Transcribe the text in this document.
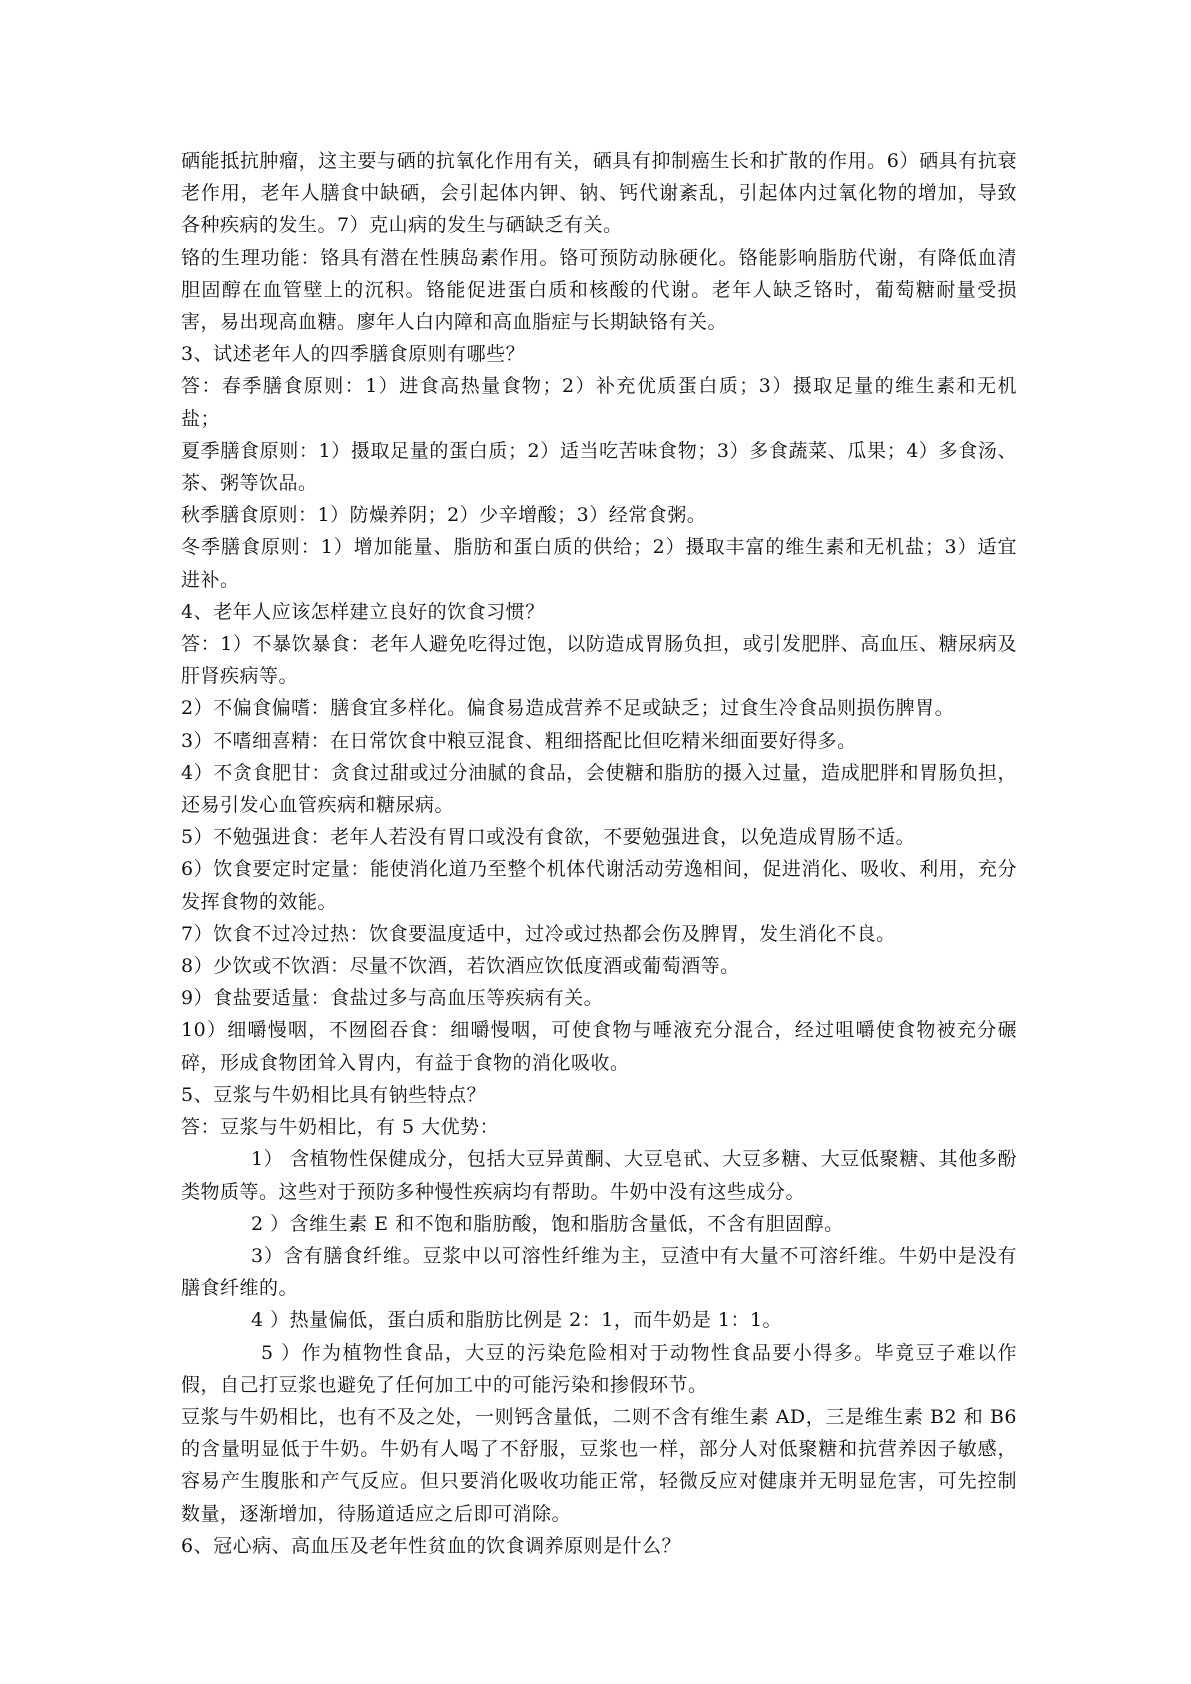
硒能抵抗肿瘤，这主要与硒的抗氧化作用有关，硒具有抑制癌生长和扩散的作用。6）硒具有抗衰老作用，老年人膳食中缺硒，会引起体内钾、钠、钙代谢紊乱，引起体内过氧化物的增加，导致各种疾病的发生。7）克山病的发生与硒缺乏有关。

铬的生理功能：铬具有潜在性胰岛素作用。铬可预防动脉硬化。铬能影响脂肪代谢，有降低血清胆固醇在血管壁上的沉积。铬能促进蛋白质和核酸的代谢。老年人缺乏铬时，葡萄糖耐量受损害，易出现高血糖。廖年人白内障和高血脂症与长期缺铬有关。

3、试述老年人的四季膳食原则有哪些？

答：春季膳食原则：1）进食高热量食物；2）补充优质蛋白质；3）摄取足量的维生素和无机盐；

夏季膳食原则：1）摄取足量的蛋白质；2）适当吃苦味食物；3）多食蔬菜、瓜果；4）多食汤、茶、粥等饮品。

秋季膳食原则：1）防燥养阴；2）少辛增酸；3）经常食粥。

冬季膳食原则：1）增加能量、脂肪和蛋白质的供给；2）摄取丰富的维生素和无机盐；3）适宜进补。

4、老年人应该怎样建立良好的饮食习惯？

答：1）不暴饮暴食：老年人避免吃得过饱，以防造成胃肠负担，或引发肥胖、高血压、糖尿病及肝肾疾病等。

2）不偏食偏嗜：膳食宜多样化。偏食易造成营养不足或缺乏；过食生冷食品则损伤脾胃。

3）不嗜细喜精：在日常饮食中粮豆混食、粗细搭配比但吃精米细面要好得多。

4）不贪食肥甘：贪食过甜或过分油腻的食品，会使糖和脂肪的摄入过量，造成肥胖和胃肠负担，还易引发心血管疾病和糖尿病。

5）不勉强进食：老年人若没有胃口或没有食欲，不要勉强进食，以免造成胃肠不适。

6）饮食要定时定量：能使消化道乃至整个机体代谢活动劳逸相间，促进消化、吸收、利用，充分发挥食物的效能。

7）饮食不过冷过热：饮食要温度适中，过冷或过热都会伤及脾胃，发生消化不良。

8）少饮或不饮酒：尽量不饮酒，若饮酒应饮低度酒或葡萄酒等。

9）食盐要适量：食盐过多与高血压等疾病有关。

10）细嚼慢咽，不囫囵吞食：细嚼慢咽，可使食物与唾液充分混合，经过咀嚼使食物被充分碾碎，形成食物团耸入胃内，有益于食物的消化吸收。

5、豆浆与牛奶相比具有钠些特点？

答：豆浆与牛奶相比，有 5 大优势：

1） 含植物性保健成分，包括大豆异黄酮、大豆皂甙、大豆多糖、大豆低聚糖、其他多酚类物质等。这些对于预防多种慢性疾病均有帮助。牛奶中没有这些成分。

2 ）含维生素 E 和不饱和脂肪酸，饱和脂肪含量低，不含有胆固醇。

3）含有膳食纤维。豆浆中以可溶性纤维为主，豆渣中有大量不可溶纤维。牛奶中是没有膳食纤维的。

4 ）热量偏低，蛋白质和脂肪比例是 2：1，而牛奶是 1：1。

5 ）作为植物性食品，大豆的污染危险相对于动物性食品要小得多。毕竟豆子难以作假，自己打豆浆也避免了任何加工中的可能污染和掺假环节。

豆浆与牛奶相比，也有不及之处，一则钙含量低，二则不含有维生素 AD，三是维生素 B2 和 B6 的含量明显低于牛奶。牛奶有人喝了不舒服，豆浆也一样，部分人对低聚糖和抗营养因子敏感，容易产生腹胀和产气反应。但只要消化吸收功能正常，轻微反应对健康并无明显危害，可先控制数量，逐渐增加，待肠道适应之后即可消除。

6、冠心病、高血压及老年性贫血的饮食调养原则是什么？
